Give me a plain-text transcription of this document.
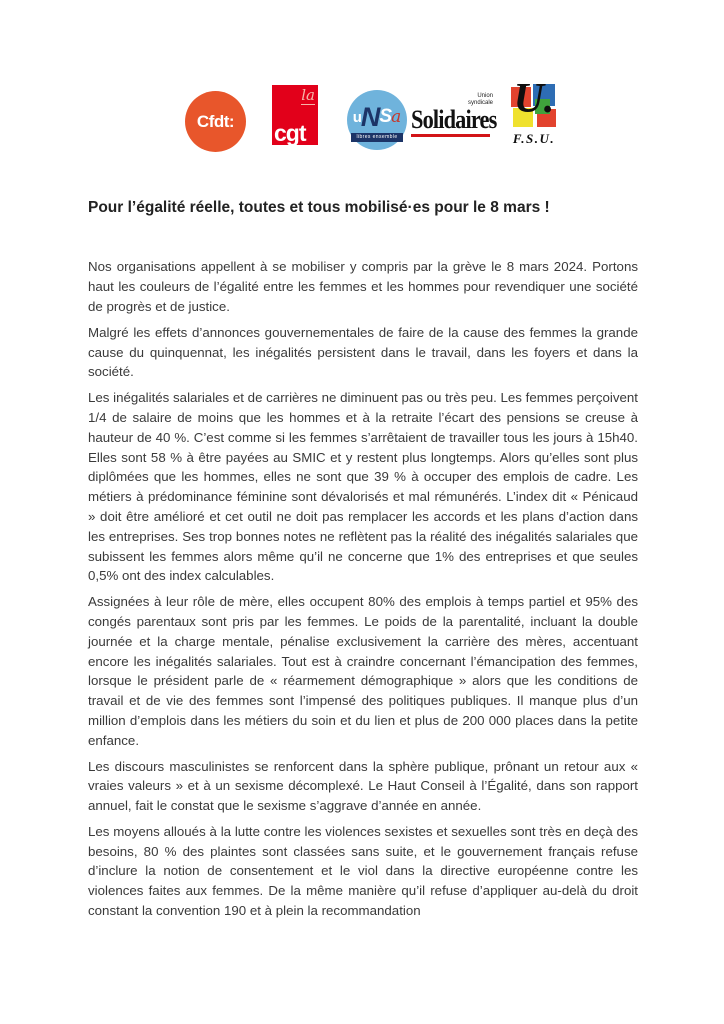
Cfdt:
la
cgt
u N S a
libres ensemble
Union syndicale
Solidaires U.
F.S.U.
Pour l’égalité réelle, toutes et tous mobilisé·es pour le 8 mars !

Nos organisations appellent à se mobiliser y compris par la grève le 8 mars 2024. Portons haut les couleurs de l’égalité entre les femmes et les hommes pour revendiquer une société de progrès et de justice.

Malgré les effets d’annonces gouvernementales de faire de la cause des femmes la grande cause du quinquennat, les inégalités persistent dans le travail, dans les foyers et dans la société.

Les inégalités salariales et de carrières ne diminuent pas ou très peu. Les femmes perçoivent 1/4 de salaire de moins que les hommes et à la retraite l’écart des pensions se creuse à hauteur de 40 %. C’est comme si les femmes s’arrêtaient de travailler tous les jours à 15h40. Elles sont 58 % à être payées au SMIC et y restent plus longtemps. Alors qu’elles sont plus diplômées que les hommes, elles ne sont que 39 % à occuper des emplois de cadre. Les métiers à prédominance féminine sont dévalorisés et mal rémunérés. L’index dit « Pénicaud » doit être amélioré et cet outil ne doit pas remplacer les accords et les plans d’action dans les entreprises. Ses trop bonnes notes ne reflètent pas la réalité des inégalités salariales que subissent les femmes alors même qu’il ne concerne que 1% des entreprises et que seules 0,5% ont des index calculables.

Assignées à leur rôle de mère, elles occupent 80% des emplois à temps partiel et 95% des congés parentaux sont pris par les femmes. Le poids de la parentalité, incluant la double journée et la charge mentale, pénalise exclusivement la carrière des mères, accentuant encore les inégalités salariales. Tout est à craindre concernant l’émancipation des femmes, lorsque le président parle de « réarmement démographique » alors que les conditions de travail et de vie des femmes sont l’impensé des politiques publiques. Il manque plus d’un million d’emplois dans les métiers du soin et du lien et plus de 200 000 places dans la petite enfance.

Les discours masculinistes se renforcent dans la sphère publique, prônant un retour aux « vraies valeurs » et à un sexisme décomplexé. Le Haut Conseil à l’Égalité, dans son rapport annuel, fait le constat que le sexisme s’aggrave d’année en année.

Les moyens alloués à la lutte contre les violences sexistes et sexuelles sont très en deçà des besoins, 80 % des plaintes sont classées sans suite, et le gouvernement français refuse d’inclure la notion de consentement et le viol dans la directive européenne contre les violences faites aux femmes. De la même manière qu’il refuse d’appliquer au-delà du droit constant la convention 190 et à plein la recommandation
